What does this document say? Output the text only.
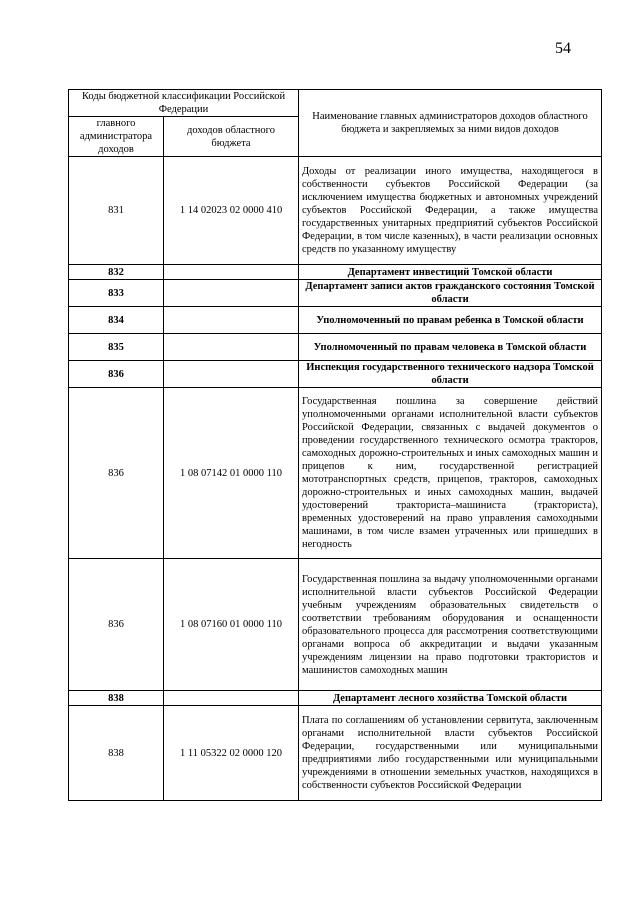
54
Коды бюджетной классификации Российской Федерации		Наименование главных администраторов доходов областного бюджета и закрепляемых за ними видов доходов
главного администратора доходов	доходов областного бюджета	
831	1 14 02023 02 0000 410	Доходы от реализации иного имущества, находящегося в собственности субъектов Российской Федерации (за исключением имущества бюджетных и автономных учреждений субъектов Российской Федерации, а также имущества государственных унитарных предприятий субъектов Российской Федерации, в том числе казенных), в части реализации основных средств по указанному имуществу
832		Департамент инвестиций Томской области
833		Департамент записи актов гражданского состояния Томской области
834		Уполномоченный по правам ребенка в Томской области
835		Уполномоченный по правам человека в Томской области
836		Инспекция государственного технического надзора Томской области
836	1 08 07142 01 0000 110	Государственная пошлина за совершение действий уполномоченными органами исполнительной власти субъектов Российской Федерации, связанных с выдачей документов о проведении государственного технического осмотра тракторов, самоходных дорожно-строительных и иных самоходных машин и прицепов к ним, государственной регистрацией мототранспортных средств, прицепов, тракторов, самоходных дорожно-строительных и иных самоходных машин, выдачей удостоверений тракториста–машиниста (тракториста), временных удостоверений на право управления самоходными машинами, в том числе взамен утраченных или пришедших в негодность
836	1 08 07160 01 0000 110	Государственная пошлина за выдачу уполномоченными органами исполнительной власти субъектов Российской Федерации учебным учреждениям образовательных свидетельств о соответствии требованиям оборудования и оснащенности образовательного процесса для рассмотрения соответствующими органами вопроса об аккредитации и выдачи указанным учреждениям лицензии на право подготовки трактористов и машинистов самоходных машин
838		Департамент лесного хозяйства Томской области
838	1 11 05322 02 0000 120	Плата по соглашениям об установлении сервитута, заключенным органами исполнительной власти субъектов Российской Федерации, государственными или муниципальными предприятиями либо государственными или муниципальными учреждениями в отношении земельных участков, находящихся в собственности субъектов Российской Федерации
